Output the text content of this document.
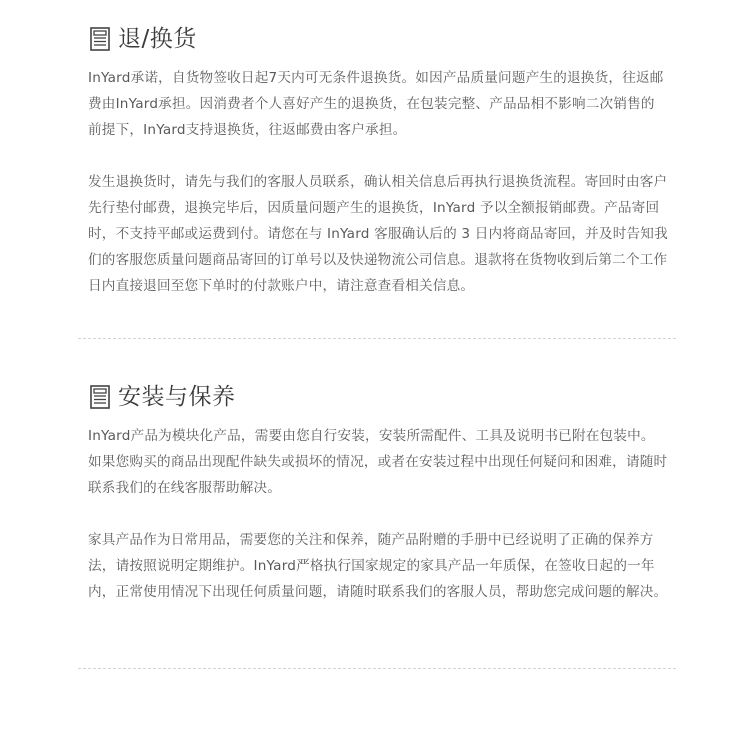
退/换货

InYard承诺，自货物签收日起7天内可无条件退换货。如因产品质量问题产生的退换货，往返邮费由InYard承担。因消费者个人喜好产生的退换货，在包装完整、产品品相不影响二次销售的前提下，InYard支持退换货，往返邮费由客户承担。

发生退换货时，请先与我们的客服人员联系，确认相关信息后再执行退换货流程。寄回时由客户先行垫付邮费，退换完毕后，因质量问题产生的退换货，InYard 予以全额报销邮费。产品寄回时，不支持平邮或运费到付。请您在与 InYard 客服确认后的 3 日内将商品寄回，并及时告知我们的客服您质量问题商品寄回的订单号以及快递物流公司信息。退款将在货物收到后第二个工作日内直接退回至您下单时的付款账户中，请注意查看相关信息。

安装与保养

InYard产品为模块化产品，需要由您自行安装，安装所需配件、工具及说明书已附在包装中。如果您购买的商品出现配件缺失或损坏的情况，或者在安装过程中出现任何疑问和困难，请随时联系我们的在线客服帮助解决。

家具产品作为日常用品，需要您的关注和保养，随产品附赠的手册中已经说明了正确的保养方法，请按照说明定期维护。InYard严格执行国家规定的家具产品一年质保，在签收日起的一年内，正常使用情况下出现任何质量问题，请随时联系我们的客服人员，帮助您完成问题的解决。
